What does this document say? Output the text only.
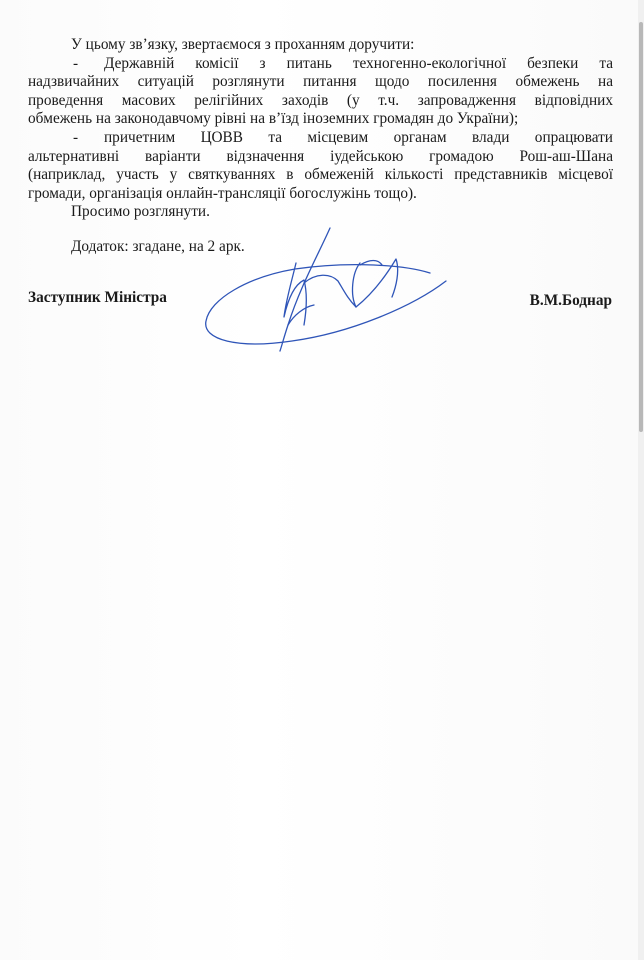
У цьому зв’язку, звертаємося з проханням доручити:
-	Державній комісії з питань техногенно-екологічної безпеки та
надзвичайних ситуацій розглянути питання щодо посилення обмежень на
проведення масових релігійних заходів (у т.ч. запровадження відповідних
обмежень на законодавчому рівні на в’їзд іноземних громадян до України);
-	причетним ЦОВВ та місцевим органам влади опрацювати
альтернативні варіанти відзначення іудейською громадою Рош-аш-Шана
(наприклад, участь у святкуваннях в обмеженій кількості представників місцевої
громади, організація онлайн-трансляції богослужінь тощо).
Просимо розглянути.
Додаток: згадане, на 2 арк.
Заступник Міністра	В.М.Боднар
